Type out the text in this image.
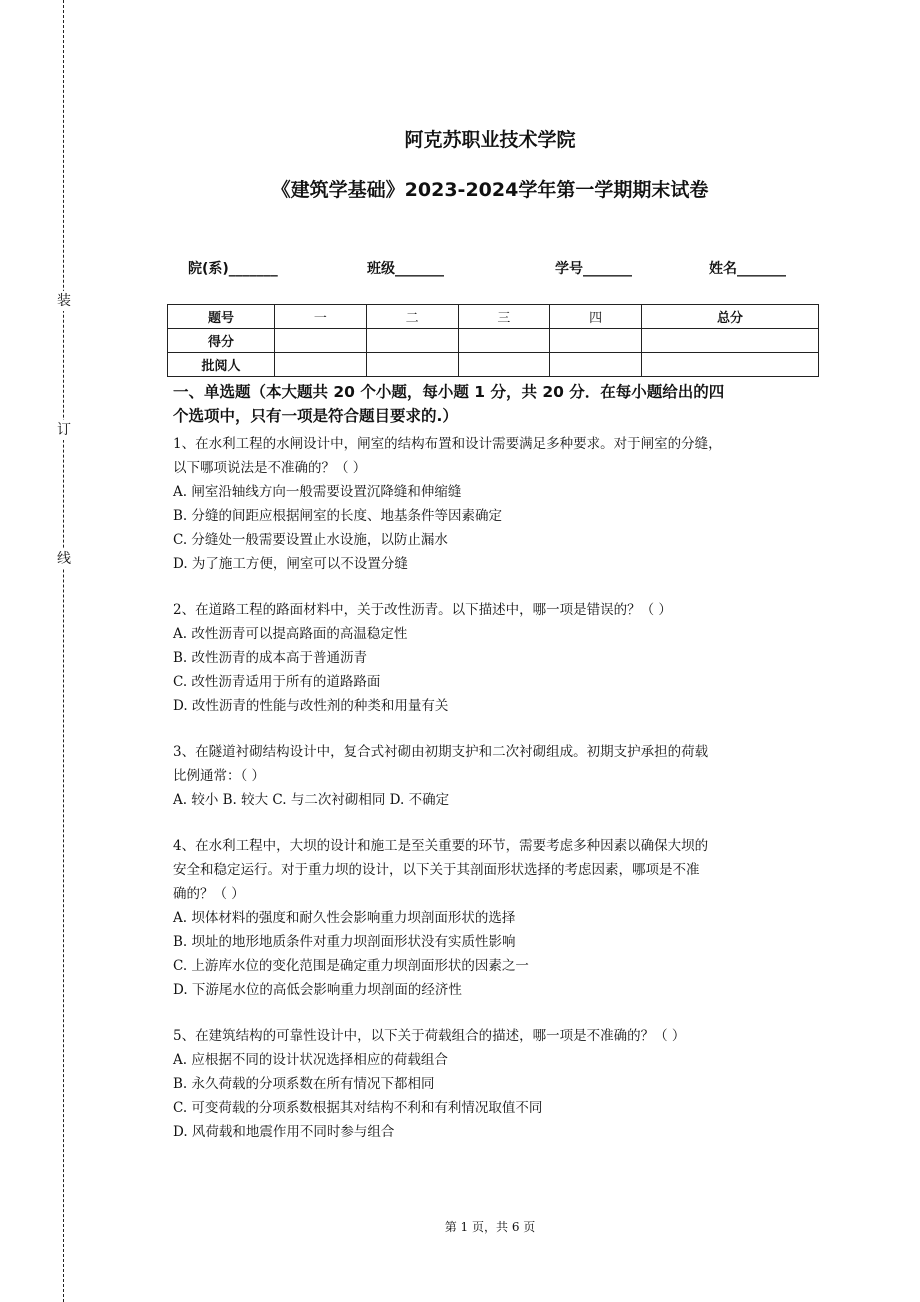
装
订
线
阿克苏职业技术学院
《建筑学基础》2023-2024学年第一学期期末试卷
院(系)_______	班级_______	学号_______	姓名_______
题号	一	二	三	四	总分
得分					
批阅人					

一、单选题（本大题共 20 个小题，每小题 1 分，共 20 分．在每小题给出的四

个选项中，只有一项是符合题目要求的.）

1、在水利工程的水闸设计中，闸室的结构布置和设计需要满足多种要求。对于闸室的分缝，
以下哪项说法是不准确的？（ ）
A. 闸室沿轴线方向一般需要设置沉降缝和伸缩缝
B. 分缝的间距应根据闸室的长度、地基条件等因素确定
C. 分缝处一般需要设置止水设施，以防止漏水
D. 为了施工方便，闸室可以不设置分缝
2、在道路工程的路面材料中，关于改性沥青。以下描述中，哪一项是错误的？（ ）
A. 改性沥青可以提高路面的高温稳定性
B. 改性沥青的成本高于普通沥青
C. 改性沥青适用于所有的道路路面
D. 改性沥青的性能与改性剂的种类和用量有关
3、在隧道衬砌结构设计中，复合式衬砌由初期支护和二次衬砌组成。初期支护承担的荷载
比例通常：（ ）
A. 较小 B. 较大 C. 与二次衬砌相同 D. 不确定
4、在水利工程中，大坝的设计和施工是至关重要的环节，需要考虑多种因素以确保大坝的
安全和稳定运行。对于重力坝的设计，以下关于其剖面形状选择的考虑因素，哪项是不准
确的？（ ）
A. 坝体材料的强度和耐久性会影响重力坝剖面形状的选择
B. 坝址的地形地质条件对重力坝剖面形状没有实质性影响
C. 上游库水位的变化范围是确定重力坝剖面形状的因素之一
D. 下游尾水位的高低会影响重力坝剖面的经济性
5、在建筑结构的可靠性设计中，以下关于荷载组合的描述，哪一项是不准确的？（ ）
A. 应根据不同的设计状况选择相应的荷载组合
B. 永久荷载的分项系数在所有情况下都相同
C. 可变荷载的分项系数根据其对结构不利和有利情况取值不同
D. 风荷载和地震作用不同时参与组合
第 1 页，共 6 页
